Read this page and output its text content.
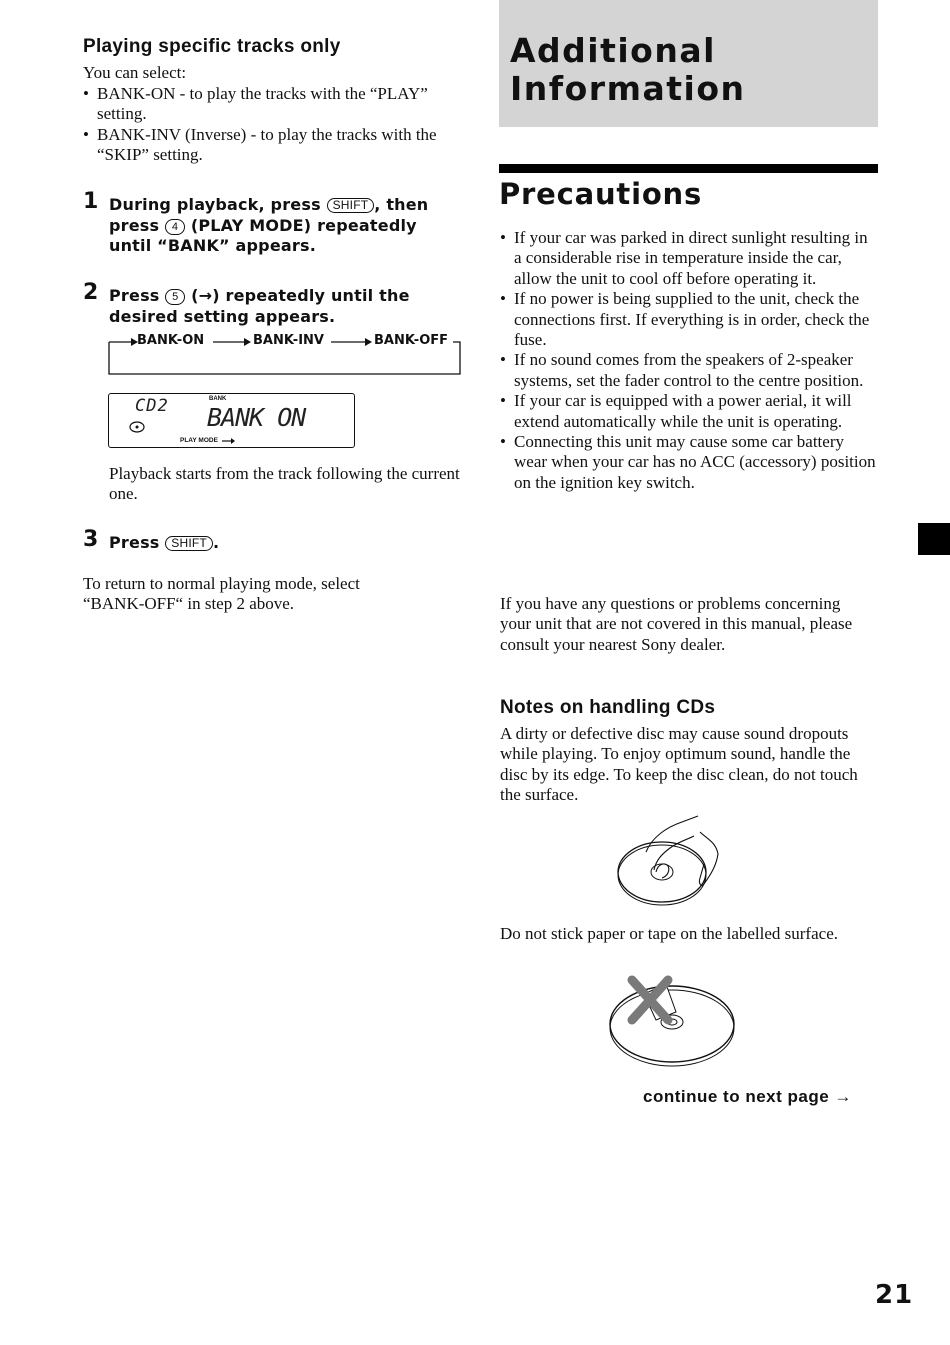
Playing specific tracks only
You can select:
• BANK-ON - to play the tracks with the “PLAY” setting.
• BANK-INV (Inverse) - to play the tracks with the “SKIP” setting.
1 During playback, press SHIFT , then press 4 (PLAY MODE) repeatedly until “BANK” appears.
2 Press 5 (→) repeatedly until the desired setting appears.
BANK-ON	BANK-INV	BANK-OFF
CD2	BANK
BANK ON
PLAY MODE
Playback starts from the track following the current one.
3 Press SHIFT .
To return to normal playing mode, select “BANK-OFF“ in step 2 above.
Additional
Information
Precautions
• If your car was parked in direct sunlight resulting in a considerable rise in temperature inside the car, allow the unit to cool off before operating it.
• If no power is being supplied to the unit, check the connections first. If everything is in order, check the fuse.
• If no sound comes from the speakers of 2-speaker systems, set the fader control to the centre position.
• If your car is equipped with a power aerial, it will extend automatically while the unit is operating.
• Connecting this unit may cause some car battery wear when your car has no ACC (accessory) position on the ignition key switch.
If you have any questions or problems concerning your unit that are not covered in this manual, please consult your nearest Sony dealer.
Notes on handling CDs
A dirty or defective disc may cause sound dropouts while playing. To enjoy optimum sound, handle the disc by its edge. To keep the disc clean, do not touch the surface.
Do not stick paper or tape on the labelled surface.
continue to next page →
21
